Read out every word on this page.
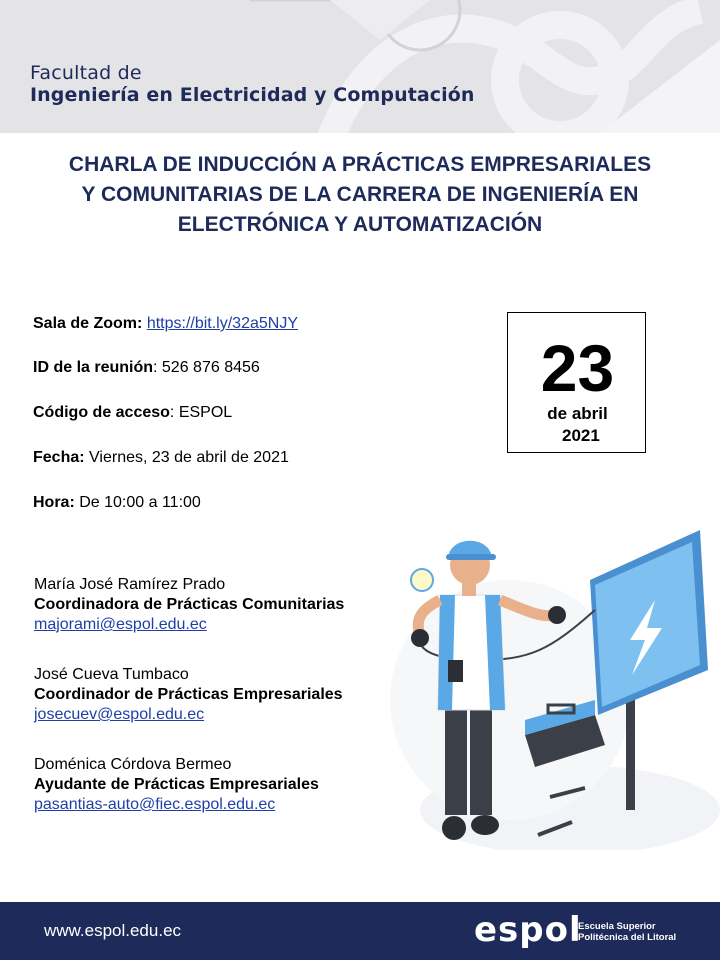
Facultad de
Ingeniería en Electricidad y Computación
CHARLA DE INDUCCIÓN A PRÁCTICAS EMPRESARIALES
Y COMUNITARIAS DE LA CARRERA DE INGENIERÍA EN
ELECTRÓNICA Y AUTOMATIZACIÓN
Sala de Zoom: https://bit.ly/32a5NJY
ID de la reunión: 526 876 8456
Código de acceso: ESPOL
Fecha: Viernes, 23 de abril de 2021
Hora: De 10:00 a 11:00
23
de abril
2021
María José Ramírez Prado
Coordinadora de Prácticas Comunitarias
majorami@espol.edu.ec
José Cueva Tumbaco
Coordinador de Prácticas Empresariales
josecuev@espol.edu.ec
Doménica Córdova Bermeo
Ayudante de Prácticas Empresariales
pasantias-auto@fiec.espol.edu.ec
www.espol.edu.ec	espol
Escuela Superior
Politécnica del Litoral
